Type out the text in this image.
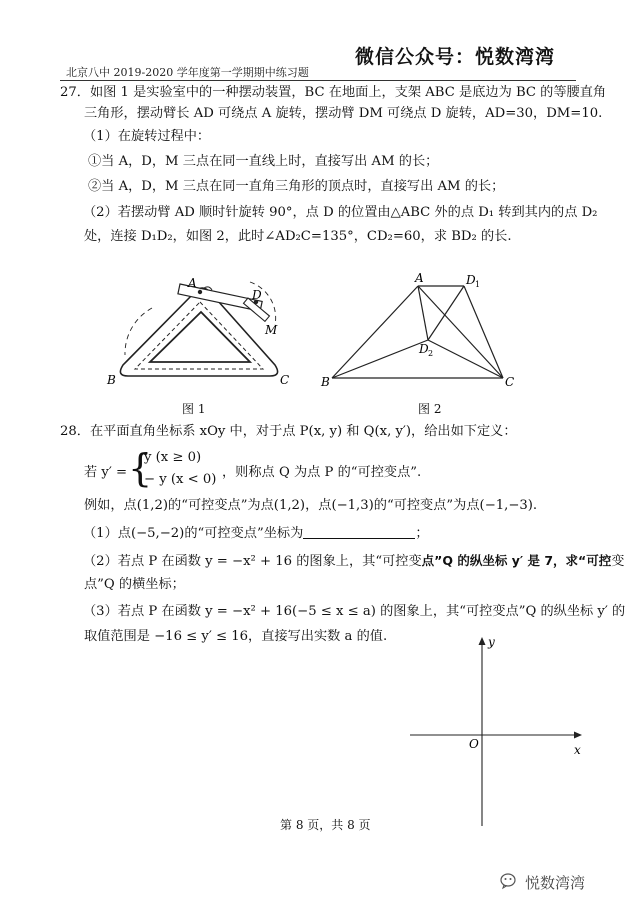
微信公众号：悦数湾湾
北京八中 2019-2020 学年度第一学期期中练习题
27．如图 1 是实验室中的一种摆动装置，BC 在地面上，支架 ABC 是底边为 BC 的等腰直角
三角形，摆动臂长 AD 可绕点 A 旋转，摆动臂 DM 可绕点 D 旋转，AD=30，DM=10.
（1）在旋转过程中：
①当 A，D，M 三点在同一直线上时，直接写出 AM 的长；
②当 A，D，M 三点在同一直角三角形的顶点时，直接写出 AM 的长；
（2）若摆动臂 AD 顺时针旋转 90°，点 D 的位置由△ABC 外的点 D₁ 转到其内的点 D₂
处，连接 D₁D₂，如图 2，此时∠AD₂C=135°，CD₂=60，求 BD₂ 的长.
A
D
M
B	C
图 1
A	D 1
D 2
B	C
图 2
28．在平面直角坐标系 xOy 中，对于点 P(x, y) 和 Q(x, y′)，给出如下定义：
若 y′ = {
y (x ≥ 0)
− y (x < 0) ，则称点 Q 为点 P 的“可控变点”.
例如，点(1,2)的“可控变点”为点(1,2)，点(−1,3)的“可控变点”为点(−1,−3).
（1）点(−5,−2)的“可控变点”坐标为	；
（2）若点 P 在函数 y = −x² + 16 的图象上，其“可控变点”Q 的纵坐标 y′ 是 7，求“可控变
点”Q 的横坐标；
（3）若点 P 在函数 y = −x² + 16(−5 ≤ x ≤ a) 的图象上，其“可控变点”Q 的纵坐标 y′ 的
取值范围是 −16 ≤ y′ ≤ 16，直接写出实数 a 的值.
x
y
O
第 8 页，共 8 页
悦数湾湾
